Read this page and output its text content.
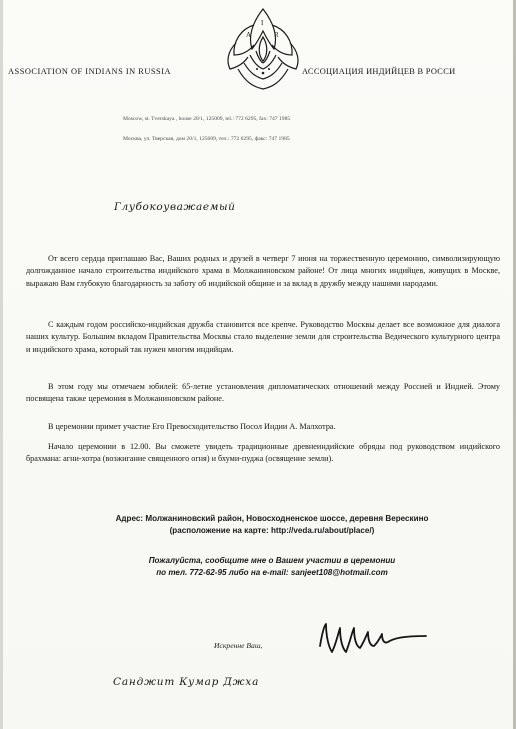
A
I
R
ASSOCIATION OF INDIANS IN RUSSIA	АССОЦИАЦИЯ ИНДИЙЦЕВ В РОССИ
Moscow, st. Tverskaya , house 20/1, 125009, tel.: 772 6295, fax: 747 1985
Москва, ул. Тверская, дом 20/1, 125009, тел.: 772 6295, факс: 747 1985
Глубокоуважаемый

От всего сердца приглашаю Вас, Ваших родных и друзей в четверг 7 июня на торжественную церемонию, символизирующую долгожданное начало строительства индийского храма в Молжаниновском районе! От лица многих индийцев, живущих в Москве, выражаю Вам глубокую благодарность за заботу об индийской общине и за вклад в дружбу между нашими народами.

С каждым годом российско-индийская дружба становится все крепче. Руководство Москвы делает все возможное для диалога наших культур. Большим вкладом Правительства Москвы стало выделение земли для строительства Ведического культурного центра и индийского храма, который так нужен многим индийцам.

В этом году мы отмечаем юбилей: 65-летие установления дипломатических отношений между Россией и Индией. Этому посвящена также церемония в Молжаниновском районе.

В церемонии примет участие Его Превосходительство Посол Индии А. Малхотра.

Начало церемонии в 12.00. Вы сможете увидеть традиционные древнеиндийские обряды под руководством индийского брахмана: агни-хотра (возжигание священного огня) и бхуми-пуджа (освящение земли).

Адрес: Молжаниновский район, Новосходненское шоссе, деревня Верескино
(расположение на карте: http://veda.ru/about/place/)

Пожалуйста, сообщите мне о Вашем участии в церемонии
по тел. 772-62-95 либо на e-mail: sanjeet108@hotmail.com

Искренне Ваш,
Санджит Кумар Джха
